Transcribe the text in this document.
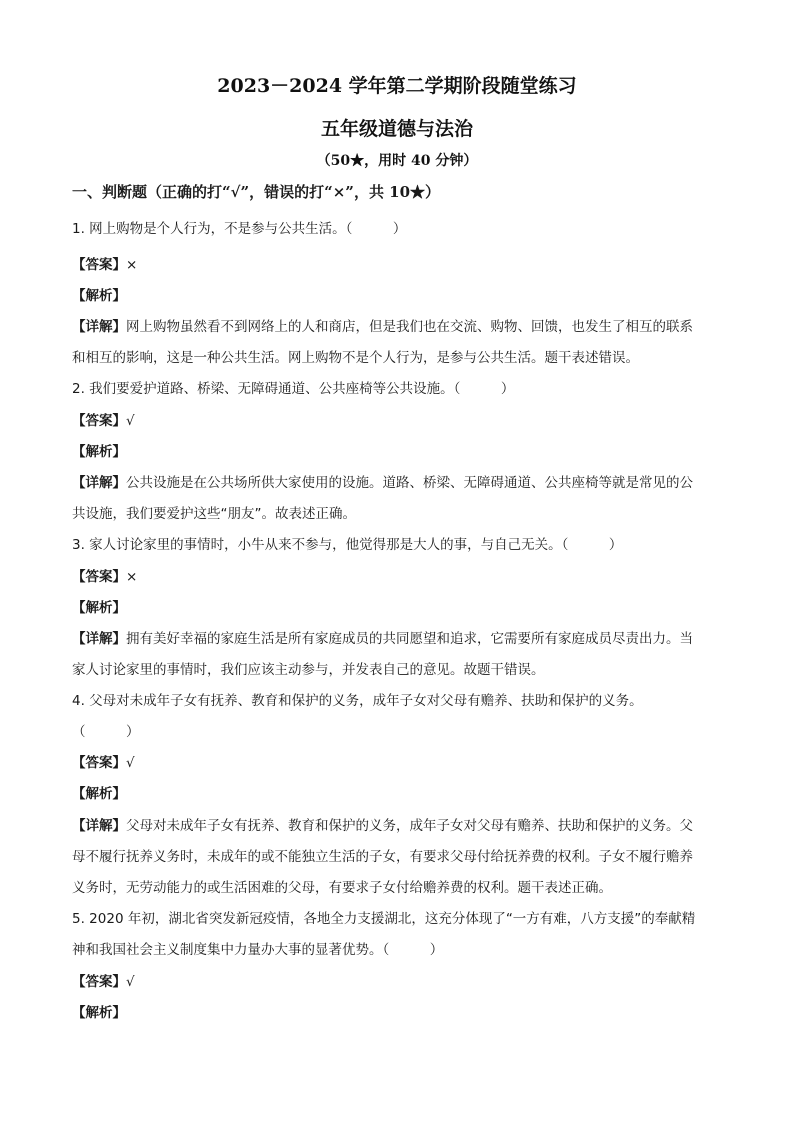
2023－2024 学年第二学期阶段随堂练习
五年级道德与法治
（50★，用时 40 分钟）
一、判断题（正确的打“√”，错误的打“×”，共 10★）
1. 网上购物是个人行为，不是参与公共生活。（　　　）
【答案】×
【解析】
【详解】网上购物虽然看不到网络上的人和商店，但是我们也在交流、购物、回馈，也发生了相互的联系
和相互的影响，这是一种公共生活。网上购物不是个人行为，是参与公共生活。题干表述错误。
2. 我们要爱护道路、桥梁、无障碍通道、公共座椅等公共设施。（　　　）
【答案】√
【解析】
【详解】公共设施是在公共场所供大家使用的设施。道路、桥梁、无障碍通道、公共座椅等就是常见的公
共设施，我们要爱护这些“朋友”。故表述正确。
3. 家人讨论家里的事情时，小牛从来不参与，他觉得那是大人的事，与自己无关。（　　　）
【答案】×
【解析】
【详解】拥有美好幸福的家庭生活是所有家庭成员的共同愿望和追求，它需要所有家庭成员尽责出力。当
家人讨论家里的事情时，我们应该主动参与，并发表自己的意见。故题干错误。
4. 父母对未成年子女有抚养、教育和保护的义务，成年子女对父母有赡养、扶助和保护的义务。
（　　　）
【答案】√
【解析】
【详解】父母对未成年子女有抚养、教育和保护的义务，成年子女对父母有赡养、扶助和保护的义务。父
母不履行抚养义务时，未成年的或不能独立生活的子女，有要求父母付给抚养费的权利。子女不履行赡养
义务时，无劳动能力的或生活困难的父母，有要求子女付给赡养费的权利。题干表述正确。
5. 2020 年初，湖北省突发新冠疫情，各地全力支援湖北，这充分体现了“一方有难，八方支援”的奉献精
神和我国社会主义制度集中力量办大事的显著优势。（　　　）
【答案】√
【解析】
